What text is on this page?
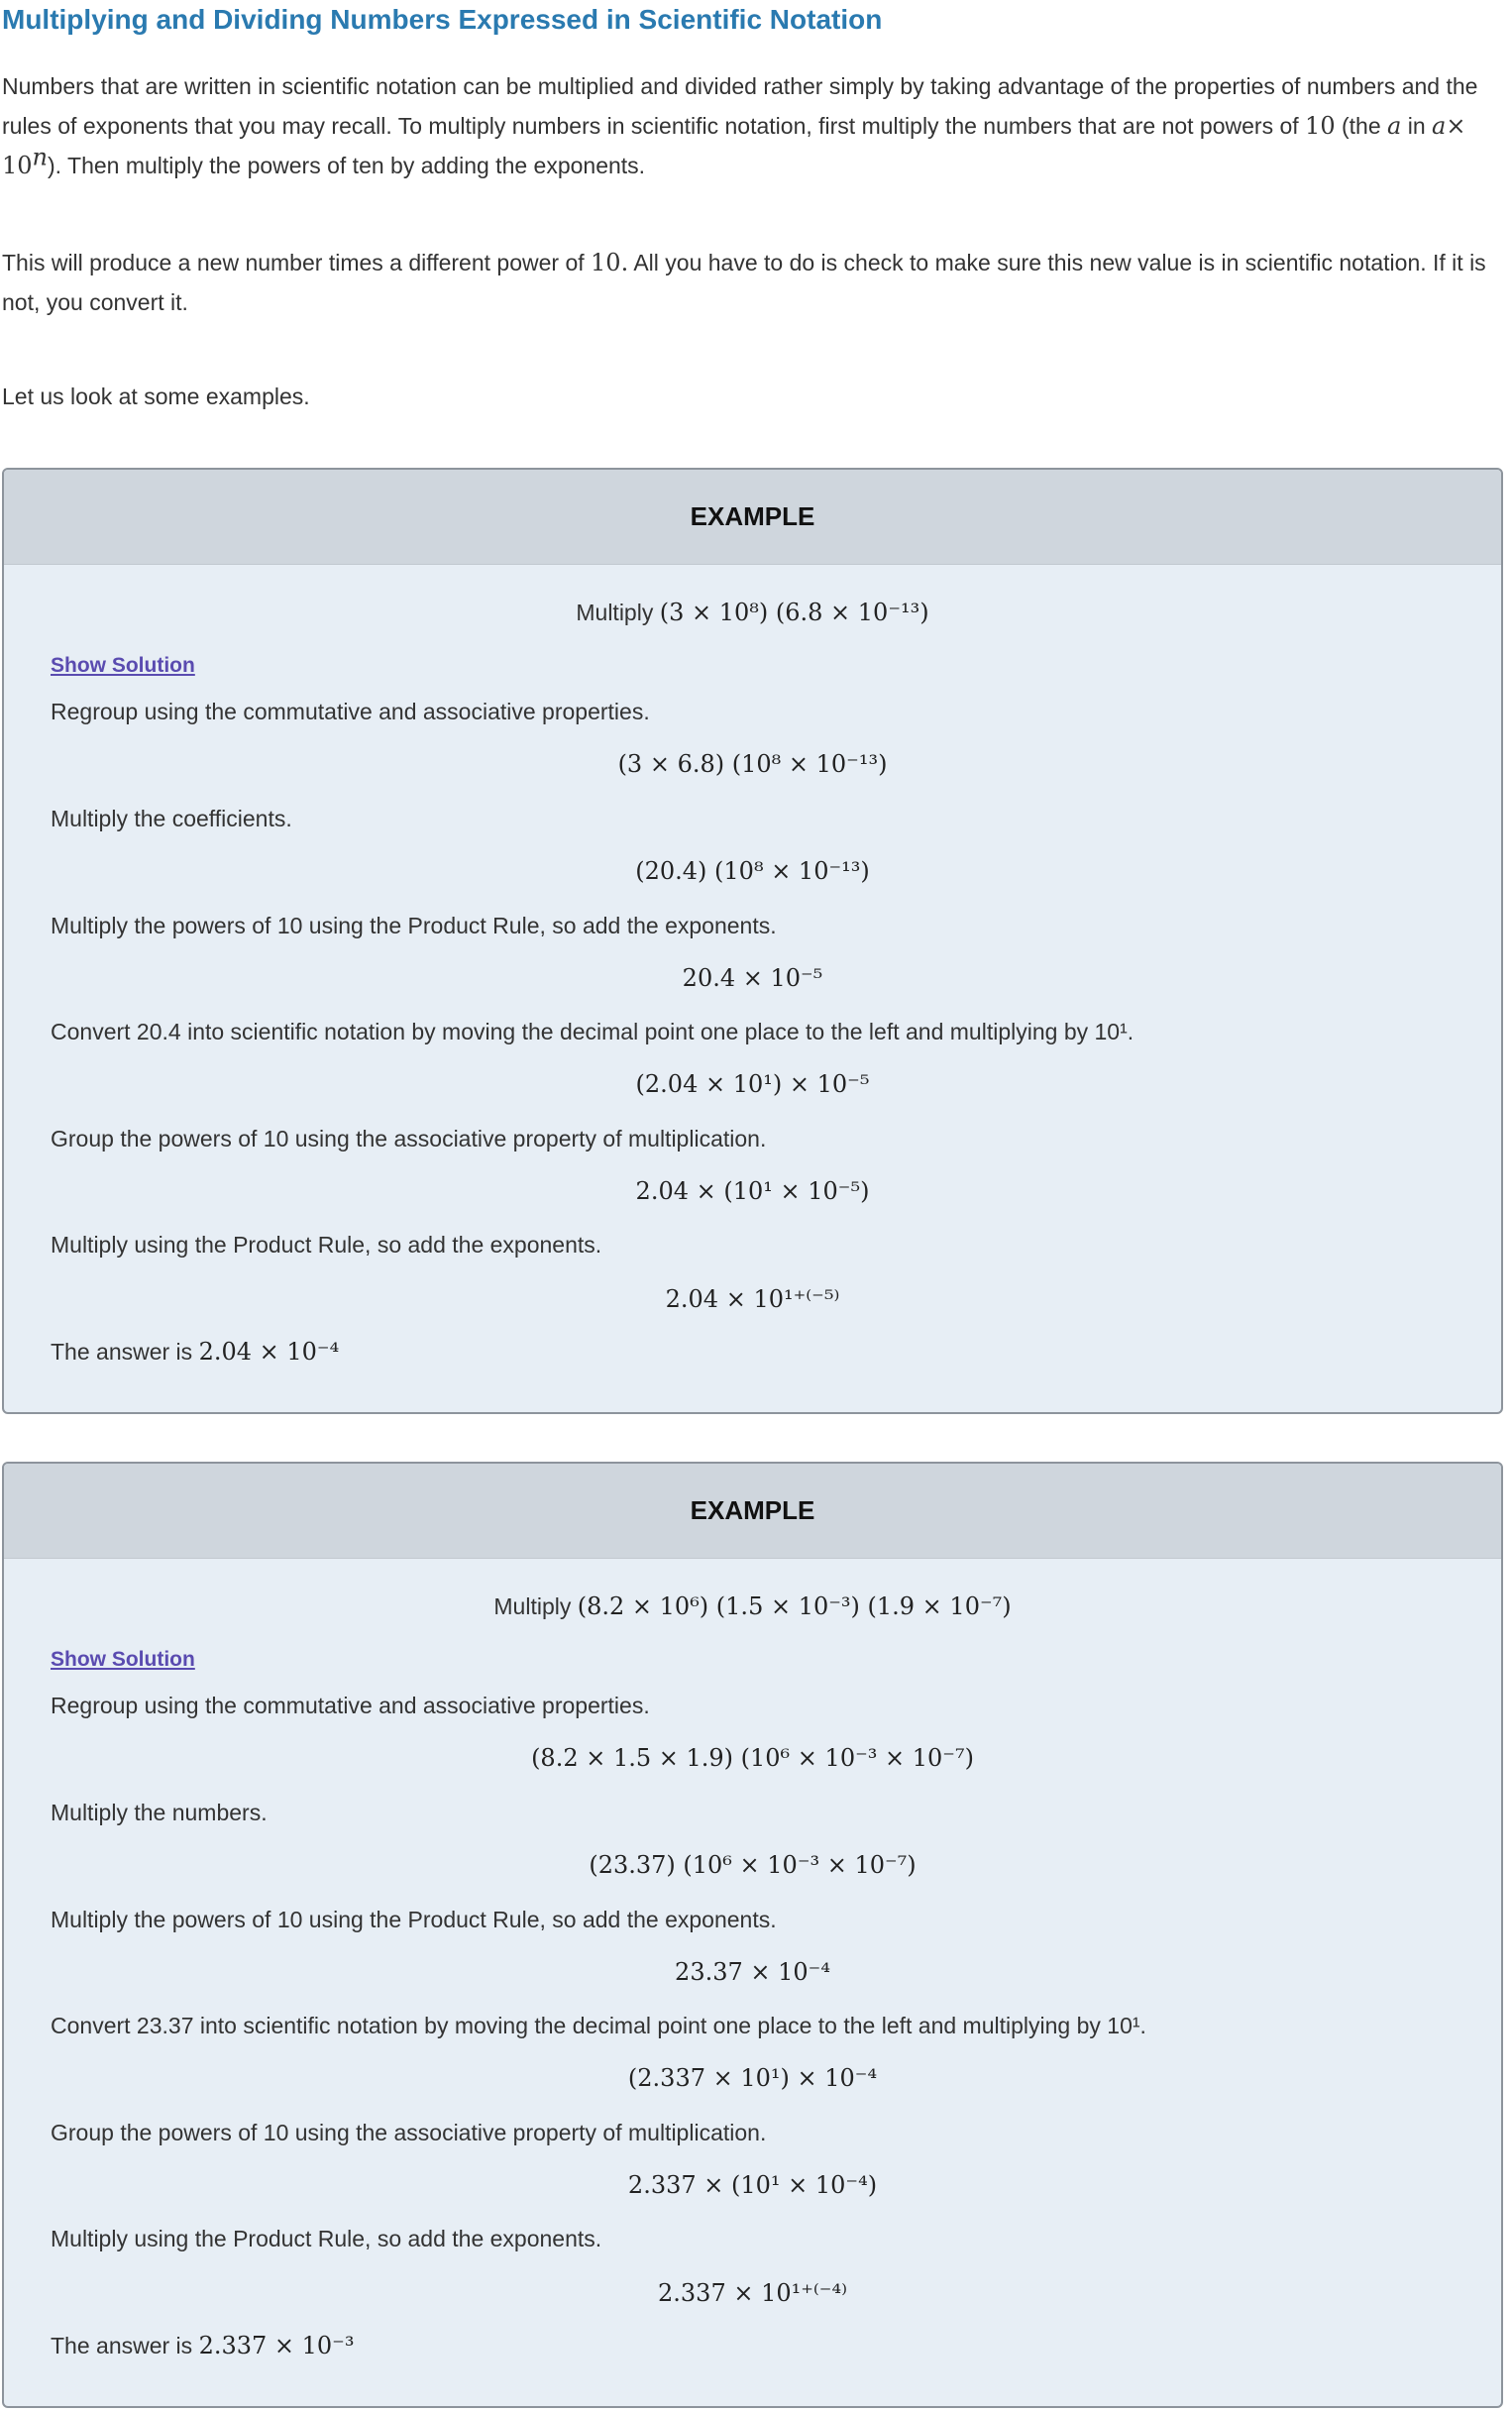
Multiplying and Dividing Numbers Expressed in Scientific Notation

Numbers that are written in scientific notation can be multiplied and divided rather simply by taking advantage of the properties of numbers and the rules of exponents that you may recall. To multiply numbers in scientific notation, first multiply the numbers that are not powers of 10 (the a in $a\times 10^n$). Then multiply the powers of ten by adding the exponents.

This will produce a new number times a different power of 10. All you have to do is check to make sure this new value is in scientific notation. If it is not, you convert it.

Let us look at some examples.

EXAMPLE
Multiply (3 × 10⁸) (6.8 × 10⁻¹³)
Show Solution
Regroup using the commutative and associative properties.
(3 × 6.8) (10⁸ × 10⁻¹³)
Multiply the coefficients.
(20.4) (10⁸ × 10⁻¹³)
Multiply the powers of 10 using the Product Rule, so add the exponents.
20.4 × 10⁻⁵
Convert 20.4 into scientific notation by moving the decimal point one place to the left and multiplying by 10¹.
(2.04 × 10¹) × 10⁻⁵
Group the powers of 10 using the associative property of multiplication.
2.04 × (10¹ × 10⁻⁵)
Multiply using the Product Rule, so add the exponents.
2.04 × 10¹⁺⁽⁻⁵⁾
The answer is 2.04 × 10⁻⁴
EXAMPLE
Multiply (8.2 × 10⁶) (1.5 × 10⁻³) (1.9 × 10⁻⁷)
Show Solution
Regroup using the commutative and associative properties.
(8.2 × 1.5 × 1.9) (10⁶ × 10⁻³ × 10⁻⁷)
Multiply the numbers.
(23.37) (10⁶ × 10⁻³ × 10⁻⁷)
Multiply the powers of 10 using the Product Rule, so add the exponents.
23.37 × 10⁻⁴
Convert 23.37 into scientific notation by moving the decimal point one place to the left and multiplying by 10¹.
(2.337 × 10¹) × 10⁻⁴
Group the powers of 10 using the associative property of multiplication.
2.337 × (10¹ × 10⁻⁴)
Multiply using the Product Rule, so add the exponents.
2.337 × 10¹⁺⁽⁻⁴⁾
The answer is 2.337 × 10⁻³
